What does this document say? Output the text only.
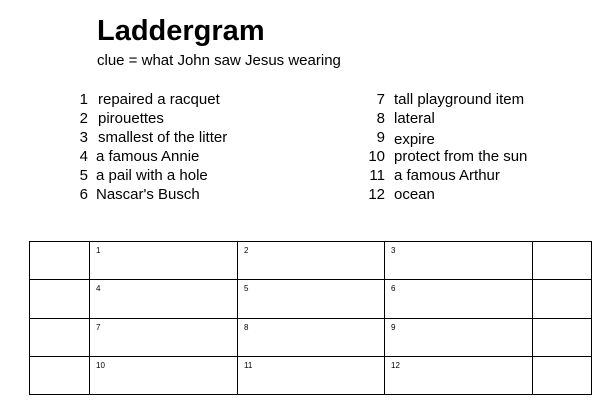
Laddergram
clue = what John saw Jesus wearing
1 repaired a racquet
2 pirouettes
3 smallest of the litter
4 a famous Annie
5 a pail with a hole
6 Nascar's Busch
7 tall playground item
8 lateral
9 expire
10 protect from the sun
11 a famous Arthur
12 ocean

	1	2	3	

	4	5	6	

	7	8	9	

	10	11	12	
